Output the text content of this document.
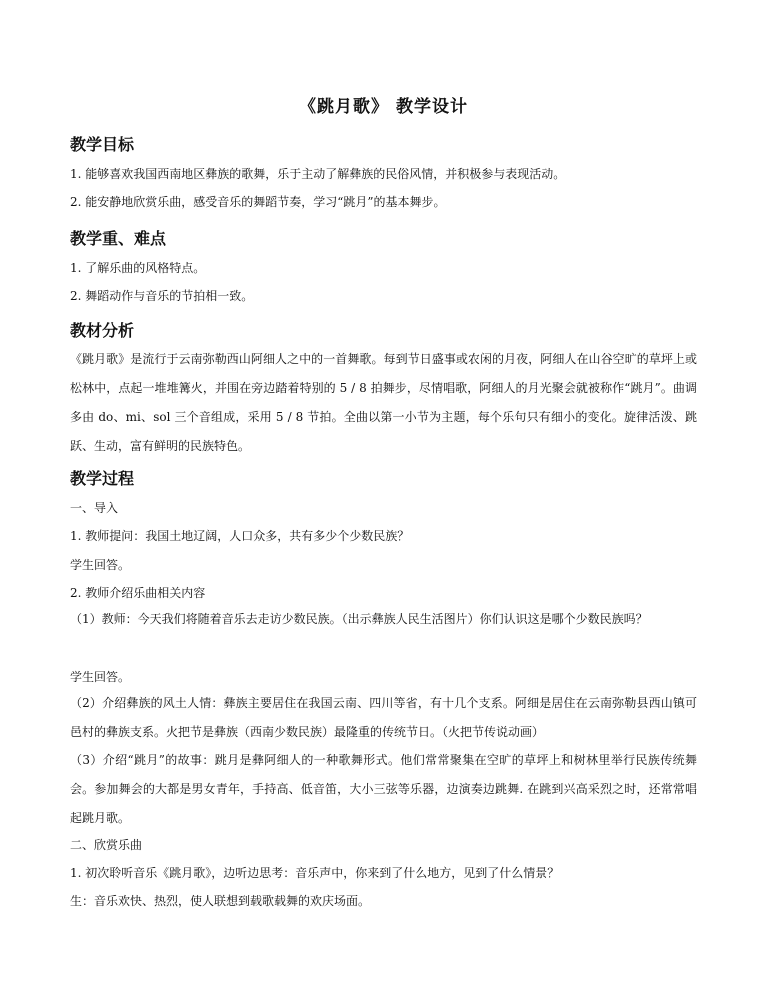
《跳月歌》 教学设计
教学目标
1. 能够喜欢我国西南地区彝族的歌舞，乐于主动了解彝族的民俗风情，并积极参与表现活动。
2. 能安静地欣赏乐曲，感受音乐的舞蹈节奏，学习“跳月”的基本舞步。
教学重、难点
1. 了解乐曲的风格特点。
2. 舞蹈动作与音乐的节拍相一致。
教材分析
《跳月歌》是流行于云南弥勒西山阿细人之中的一首舞歌。每到节日盛事或农闲的月夜，阿细人在山谷空旷的草坪上或松林中，点起一堆堆篝火，并围在旁边踏着特别的 5 / 8 拍舞步，尽情唱歌，阿细人的月光聚会就被称作“跳月”。曲调多由 do、mi、sol 三个音组成，采用 5 / 8 节拍。全曲以第一小节为主题，每个乐句只有细小的变化。旋律活泼、跳跃、生动，富有鲜明的民族特色。
教学过程
一、导入
1. 教师提问：我国土地辽阔，人口众多，共有多少个少数民族？
学生回答。
2. 教师介绍乐曲相关内容
（1）教师：今天我们将随着音乐去走访少数民族。（出示彝族人民生活图片）你们认识这是哪个少数民族吗？
学生回答。
（2）介绍彝族的风土人情：彝族主要居住在我国云南、四川等省，有十几个支系。阿细是居住在云南弥勒县西山镇可邑村的彝族支系。火把节是彝族（西南少数民族）最隆重的传统节日。（火把节传说动画）
（3）介绍“跳月”的故事：跳月是彝阿细人的一种歌舞形式。他们常常聚集在空旷的草坪上和树林里举行民族传统舞会。参加舞会的大都是男女青年，手持高、低音笛，大小三弦等乐器，边演奏边跳舞. 在跳到兴高采烈之时，还常常唱起跳月歌。
二、欣赏乐曲
1. 初次聆听音乐《跳月歌》，边听边思考：音乐声中，你来到了什么地方，见到了什么情景？
生：音乐欢快、热烈，使人联想到载歌载舞的欢庆场面。
